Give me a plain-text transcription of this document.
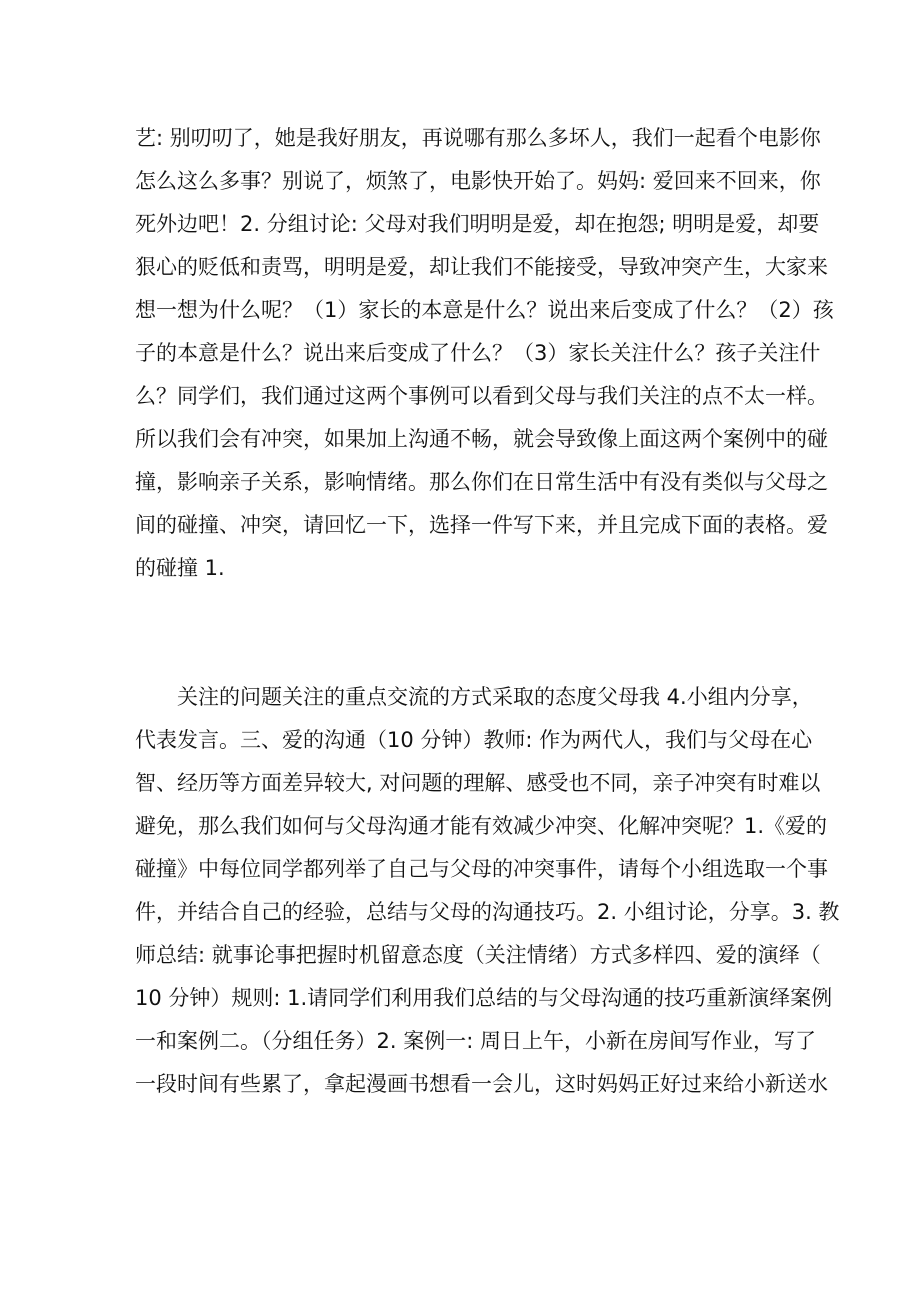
艺: 别叨叨了，她是我好朋友，再说哪有那么多坏人，我们一起看个电影你
怎么这么多事？别说了，烦煞了，电影快开始了。妈妈: 爱回来不回来，你
死外边吧！2. 分组讨论: 父母对我们明明是爱，却在抱怨; 明明是爱，却要
狠心的贬低和责骂，明明是爱，却让我们不能接受，导致冲突产生，大家来
想一想为什么呢？（1）家长的本意是什么？说出来后变成了什么？（2）孩
子的本意是什么？说出来后变成了什么？（3）家长关注什么？孩子关注什
么？同学们，我们通过这两个事例可以看到父母与我们关注的点不太一样。
所以我们会有冲突，如果加上沟通不畅，就会导致像上面这两个案例中的碰
撞，影响亲子关系，影响情绪。那么你们在日常生活中有没有类似与父母之
间的碰撞、冲突，请回忆一下，选择一件写下来，并且完成下面的表格。爱
的碰撞 1.
关注的问题关注的重点交流的方式采取的态度父母我 4.小组内分享，
代表发言。三、爱的沟通（10 分钟）教师: 作为两代人，我们与父母在心
智、经历等方面差异较大, 对问题的理解、感受也不同，亲子冲突有时难以
避免，那么我们如何与父母沟通才能有效减少冲突、化解冲突呢？1.《爱的
碰撞》中每位同学都列举了自己与父母的冲突事件，请每个小组选取一个事
件，并结合自己的经验，总结与父母的沟通技巧。2. 小组讨论，分享。3. 教
师总结: 就事论事把握时机留意态度（关注情绪）方式多样四、爱的演绎（
10 分钟）规则: 1.请同学们利用我们总结的与父母沟通的技巧重新演绎案例
一和案例二。（分组任务）2. 案例一: 周日上午，小新在房间写作业，写了
一段时间有些累了，拿起漫画书想看一会儿，这时妈妈正好过来给小新送水
